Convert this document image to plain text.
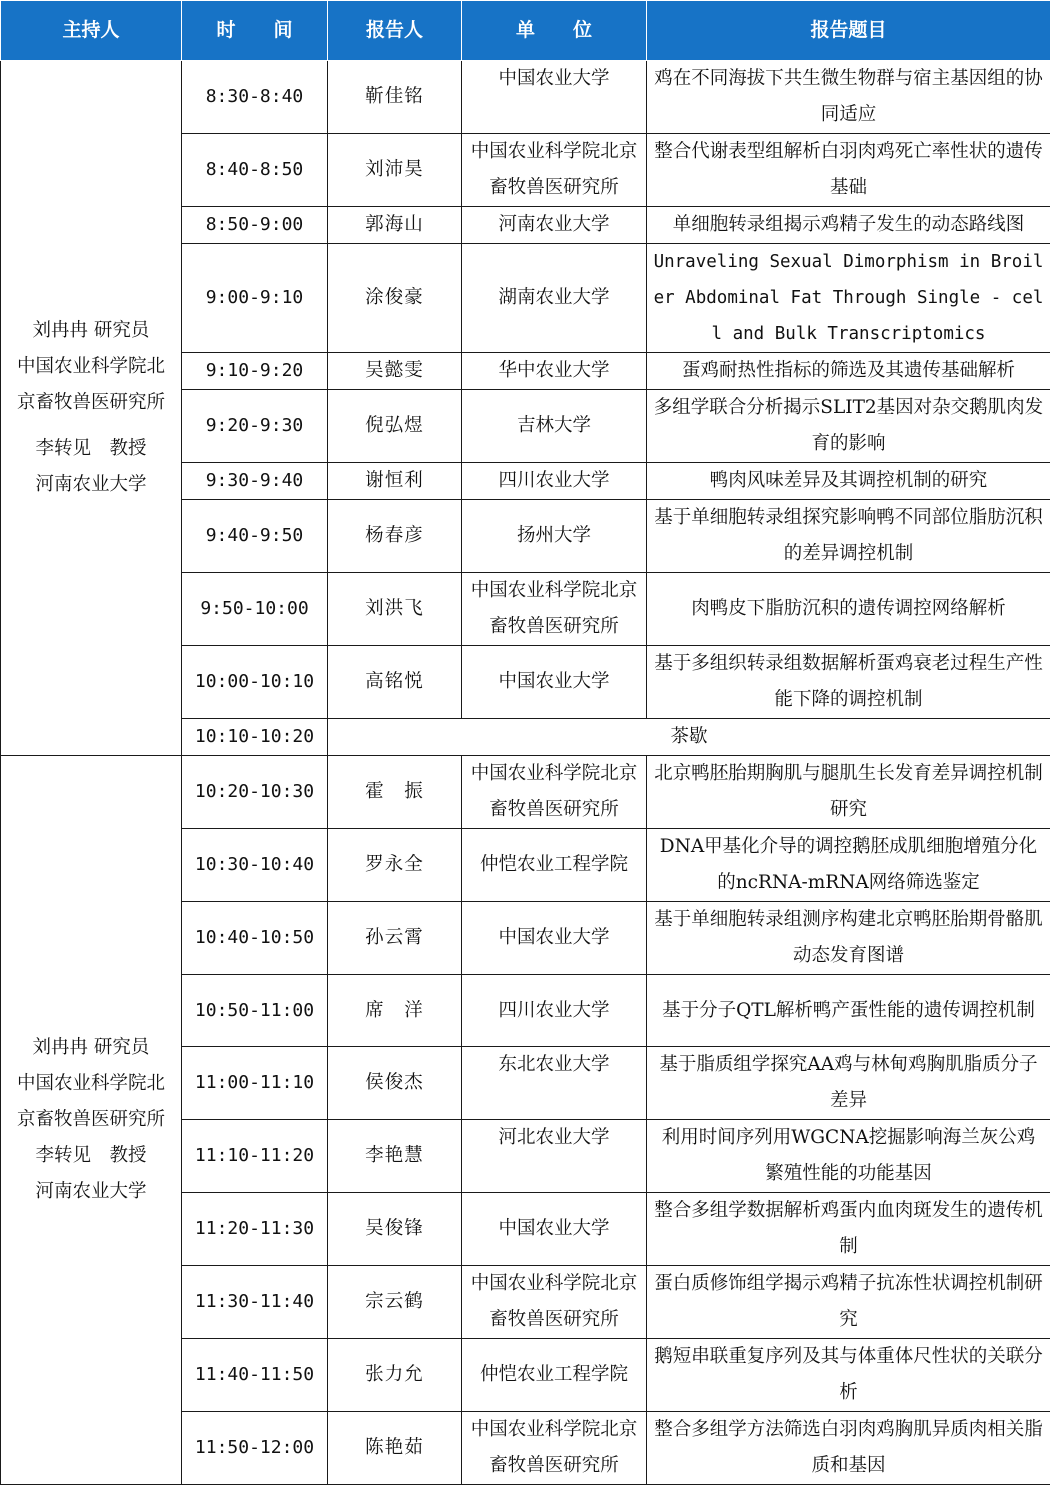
主持人	时　　间	报告人	单　　位	报告题目

刘冉冉 研究员
中国农业科学院北
京畜牧兽医研究所
李转见　教授
河南农业大学	8:30-8:40	靳佳铭	中国农业大学	鸡在不同海拔下共生微生物群与宿主基因组的协同适应
	8:40-8:50	刘沛昊	中国农业科学院北京畜牧兽医研究所	整合代谢表型组解析白羽肉鸡死亡率性状的遗传基础
	8:50-9:00	郭海山	河南农业大学	单细胞转录组揭示鸡精子发生的动态路线图
	9:00-9:10	涂俊豪	湖南农业大学	Unraveling Sexual Dimorphism in Broiler Abdominal Fat Through Single - cell and Bulk Transcriptomics
	9:10-9:20	吴懿雯	华中农业大学	蛋鸡耐热性指标的筛选及其遗传基础解析
	9:20-9:30	倪弘煜	吉林大学	多组学联合分析揭示SLIT2基因对杂交鹅肌肉发育的影响
	9:30-9:40	谢恒利	四川农业大学	鸭肉风味差异及其调控机制的研究
	9:40-9:50	杨春彦	扬州大学	基于单细胞转录组探究影响鸭不同部位脂肪沉积的差异调控机制
	9:50-10:00	刘洪飞	中国农业科学院北京畜牧兽医研究所	肉鸭皮下脂肪沉积的遗传调控网络解析
	10:00-10:10	高铭悦	中国农业大学	基于多组织转录组数据解析蛋鸡衰老过程生产性能下降的调控机制
	10:10-10:20	茶歇		

刘冉冉 研究员
中国农业科学院北
京畜牧兽医研究所
李转见　教授
河南农业大学	10:20-10:30	霍　振	中国农业科学院北京畜牧兽医研究所	北京鸭胚胎期胸肌与腿肌生长发育差异调控机制研究
	10:30-10:40	罗永全	仲恺农业工程学院	DNA甲基化介导的调控鹅胚成肌细胞增殖分化的ncRNA-mRNA网络筛选鉴定
	10:40-10:50	孙云霄	中国农业大学	基于单细胞转录组测序构建北京鸭胚胎期骨骼肌动态发育图谱
	10:50-11:00	席　洋	四川农业大学	基于分子QTL解析鸭产蛋性能的遗传调控机制
	11:00-11:10	侯俊杰	东北农业大学	基于脂质组学探究AA鸡与林甸鸡胸肌脂质分子差异
	11:10-11:20	李艳慧	河北农业大学	利用时间序列用WGCNA挖掘影响海兰灰公鸡繁殖性能的功能基因
	11:20-11:30	吴俊锋	中国农业大学	整合多组学数据解析鸡蛋内血肉斑发生的遗传机制
	11:30-11:40	宗云鹤	中国农业科学院北京畜牧兽医研究所	蛋白质修饰组学揭示鸡精子抗冻性状调控机制研究
	11:40-11:50	张力允	仲恺农业工程学院	鹅短串联重复序列及其与体重体尺性状的关联分析
	11:50-12:00	陈艳茹	中国农业科学院北京畜牧兽医研究所	整合多组学方法筛选白羽肉鸡胸肌异质肉相关脂质和基因
